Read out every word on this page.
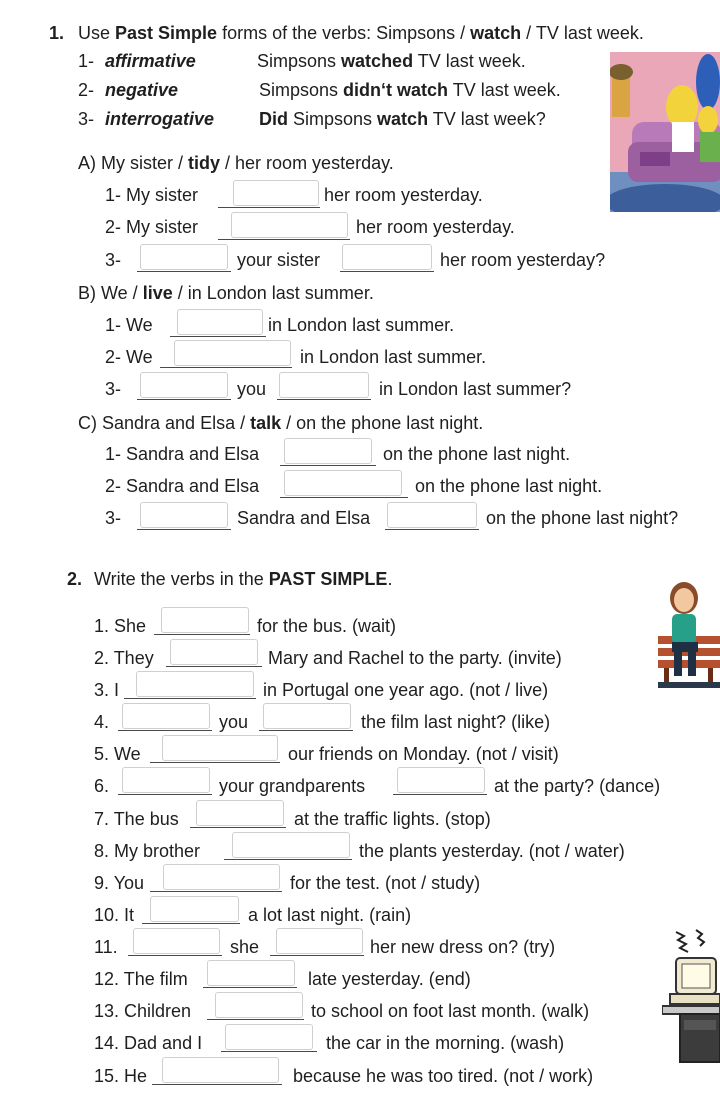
1. Use Past Simple forms of the verbs: Simpsons / watch / TV last week.
1- affirmative	Simpsons watched TV last week.
2- negative	Simpsons didn‘t watch TV last week.
3- interrogative Did Simpsons watch TV last week?
A) My sister / tidy / her room yesterday.
1- My sister	her room yesterday.
2- My sister	her room yesterday.
3-	your sister	her room yesterday?
B) We / live / in London last summer.
1- We	in London last summer.
2- We	in London last summer.
3-	you	in London last summer?
C) Sandra and Elsa / talk / on the phone last night.
1- Sandra and Elsa	on the phone last night.
2- Sandra and Elsa	on the phone last night.
3-	Sandra and Elsa	on the phone last night?
2. Write the verbs in the PAST SIMPLE.
1. She	for the bus. (wait)
2. They	Mary and Rachel to the party. (invite)
3. I	in Portugal one year ago. (not / live)
4.	you	the film last night? (like)
5. We	our friends on Monday. (not / visit)
6.	your grandparents	at the party? (dance)
7. The bus	at the traffic lights. (stop)
8. My brother	the plants yesterday. (not / water)
9. You	for the test. (not / study)
10. It	a lot last night. (rain)
11.	she	her new dress on? (try)
12. The film	late yesterday. (end)
13. Children	to school on foot last month. (walk)
14. Dad and I	the car in the morning. (wash)
15. He	because he was too tired. (not / work)
